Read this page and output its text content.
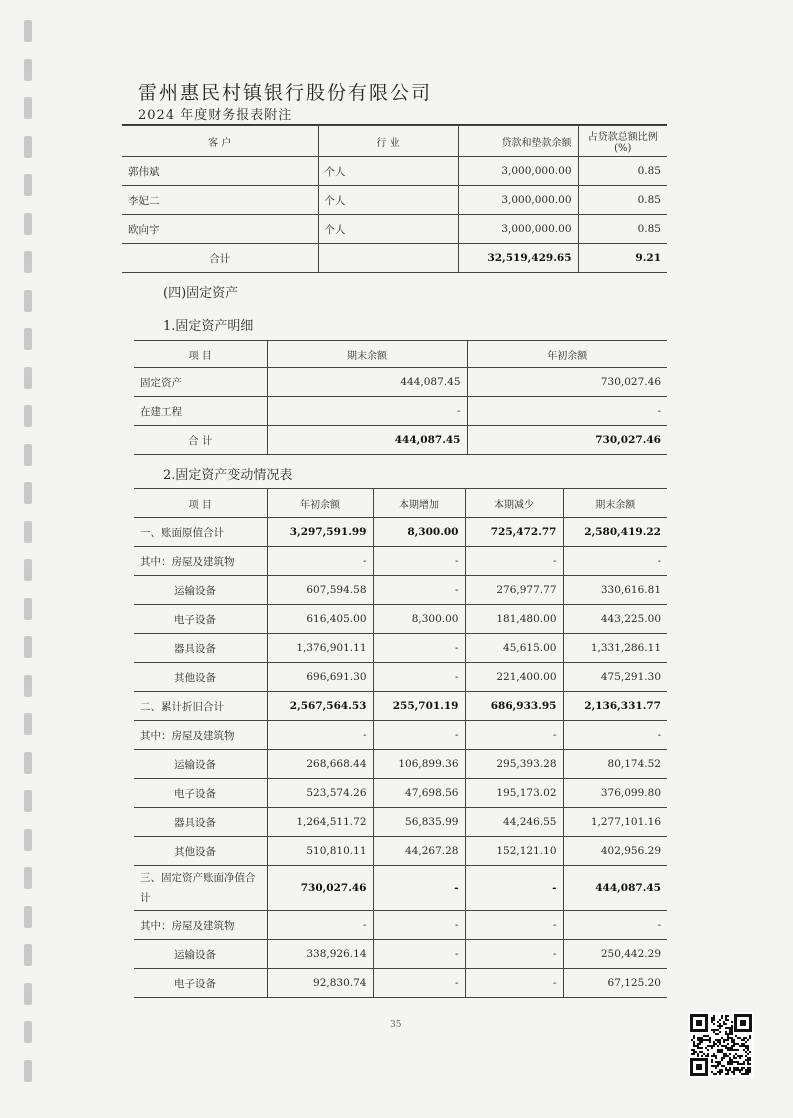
雷州惠民村镇银行股份有限公司
2024 年度财务报表附注
客 户	行 业	贷款和垫款余额	占贷款总额比例(%)
郭伟斌	个人	3,000,000.00	0.85
李妃二	个人	3,000,000.00	0.85
欧向宇	个人	3,000,000.00	0.85
合计		32,519,429.65	9.21
(四)固定资产
1.固定资产明细
项 目	期末余额	年初余额
固定资产	444,087.45	730,027.46
在建工程	-	-
合 计	444,087.45	730,027.46
2.固定资产变动情况表
项 目	年初余额	本期增加	本期减少	期末余额
一、账面原值合计	3,297,591.99	8,300.00	725,472.77	2,580,419.22
其中：房屋及建筑物	-	-	-	-
运输设备	607,594.58	-	276,977.77	330,616.81
电子设备	616,405.00	8,300.00	181,480.00	443,225.00
器具设备	1,376,901.11	-	45,615.00	1,331,286.11
其他设备	696,691.30	-	221,400.00	475,291.30
二、累计折旧合计	2,567,564.53	255,701.19	686,933.95	2,136,331.77
其中：房屋及建筑物	-	-	-	-
运输设备	268,668.44	106,899.36	295,393.28	80,174.52
电子设备	523,574.26	47,698.56	195,173.02	376,099.80
器具设备	1,264,511.72	56,835.99	44,246.55	1,277,101.16
其他设备	510,810.11	44,267.28	152,121.10	402,956.29

三、固定资产账面净值合
计	730,027.46	-	-	444,087.45
其中：房屋及建筑物	-	-	-	-
运输设备	338,926.14	-	-	250,442.29
电子设备	92,830.74	-	-	67,125.20
35
